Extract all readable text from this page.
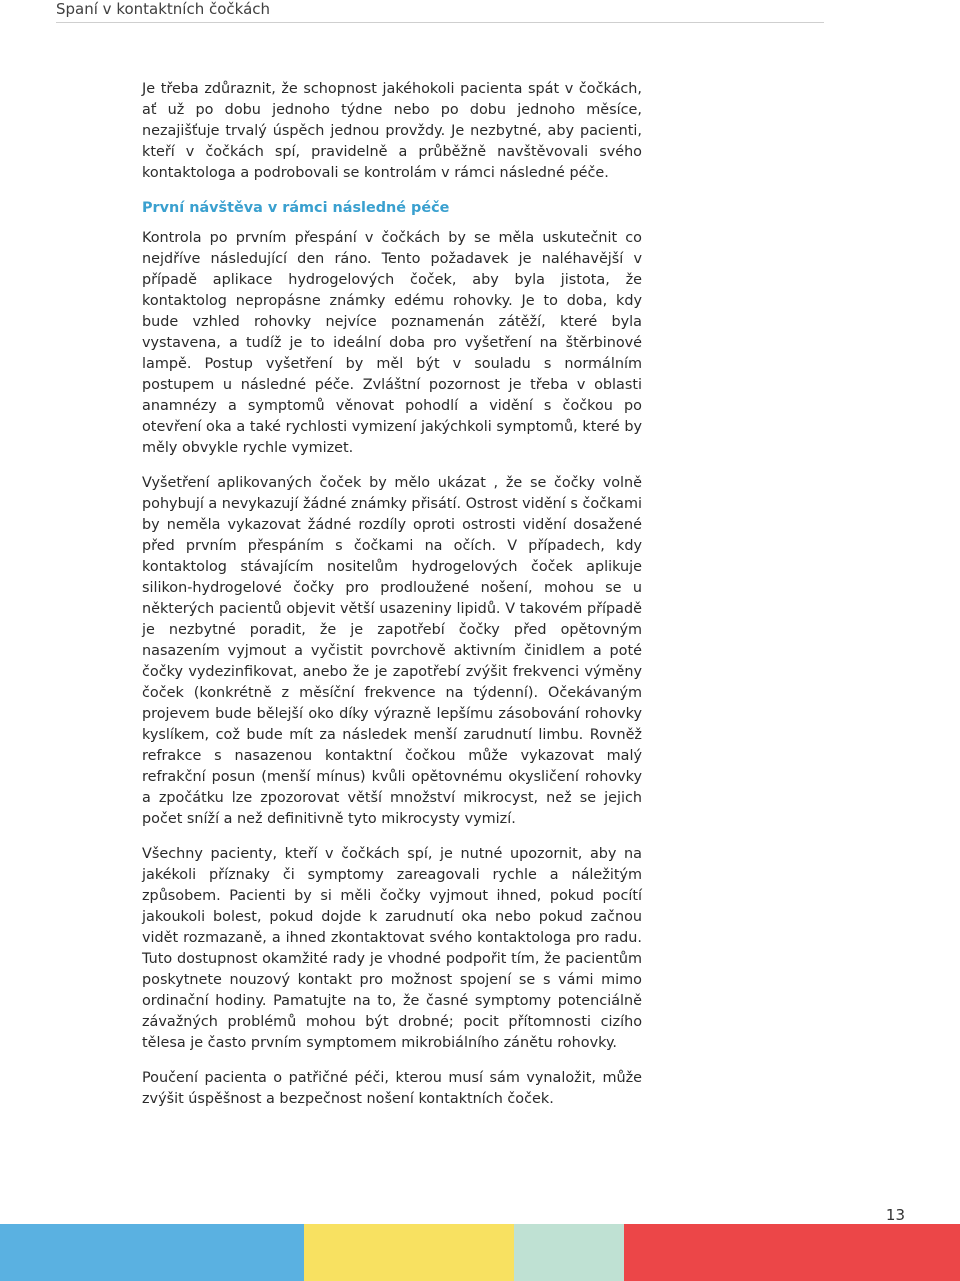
Spaní v kontaktních čočkách

Je třeba zdůraznit, že schopnost jakéhokoli pacienta spát v čočkách, ať už po dobu jednoho týdne nebo po dobu jednoho měsíce, nezajišťuje trvalý úspěch jednou provždy. Je nezbytné, aby pacienti, kteří v čočkách spí, pravidelně a průběžně navštěvovali svého kontaktologa a podrobovali se kontrolám v rámci následné péče.

První návštěva v rámci následné péče

Kontrola po prvním přespání v čočkách by se měla uskutečnit co nejdříve následující den ráno. Tento požadavek je naléhavější v případě aplikace hydrogelových čoček, aby byla jistota, že kontaktolog nepropásne známky edému rohovky. Je to doba, kdy bude vzhled rohovky nejvíce poznamenán zátěží, které byla vystavena, a tudíž je to ideální doba pro vyšetření na štěrbinové lampě. Postup vyšetření by měl být v souladu s normálním postupem u následné péče. Zvláštní pozornost je třeba v oblasti anamnézy a symptomů věnovat pohodlí a vidění s čočkou po otevření oka a také rychlosti vymizení jakýchkoli symptomů, které by měly obvykle rychle vymizet.

Vyšetření aplikovaných čoček by mělo ukázat , že se čočky volně pohybují a nevykazují žádné známky přisátí. Ostrost vidění s čočkami by neměla vykazovat žádné rozdíly oproti ostrosti vidění dosažené před prvním přespáním s čočkami na očích. V případech, kdy kontaktolog stávajícím nositelům hydrogelových čoček aplikuje silikon-hydrogelové čočky pro prodloužené nošení, mohou se u některých pacientů objevit větší usazeniny lipidů. V takovém případě je nezbytné poradit, že je zapotřebí čočky před opětovným nasazením vyjmout a vyčistit povrchově aktivním činidlem a poté čočky vydezinfikovat, anebo že je zapotřebí zvýšit frekvenci výměny čoček (konkrétně z měsíční frekvence na týdenní). Očekávaným projevem bude bělejší oko díky výrazně lepšímu zásobování rohovky kyslíkem, což bude mít za následek menší zarudnutí limbu. Rovněž refrakce s nasazenou kontaktní čočkou může vykazovat malý refrakční posun (menší mínus) kvůli opětovnému okysličení rohovky a zpočátku lze zpozorovat větší množství mikrocyst, než se jejich počet sníží a než definitivně tyto mikrocysty vymizí.

Všechny pacienty, kteří v čočkách spí, je nutné upozornit, aby na jakékoli příznaky či symptomy zareagovali rychle a náležitým způsobem. Pacienti by si měli čočky vyjmout ihned, pokud pocítí jakoukoli bolest, pokud dojde k zarudnutí oka nebo pokud začnou vidět rozmazaně, a ihned zkontaktovat svého kontaktologa pro radu. Tuto dostupnost okamžité rady je vhodné podpořit tím, že pacientům poskytnete nouzový kontakt pro možnost spojení se s vámi mimo ordinační hodiny. Pamatujte na to, že časné symptomy potenciálně závažných problémů mohou být drobné; pocit přítomnosti cizího tělesa je často prvním symptomem mikrobiálního zánětu rohovky.

Poučení pacienta o patřičné péči, kterou musí sám vynaložit, může zvýšit úspěšnost a bezpečnost nošení kontaktních čoček.

13
